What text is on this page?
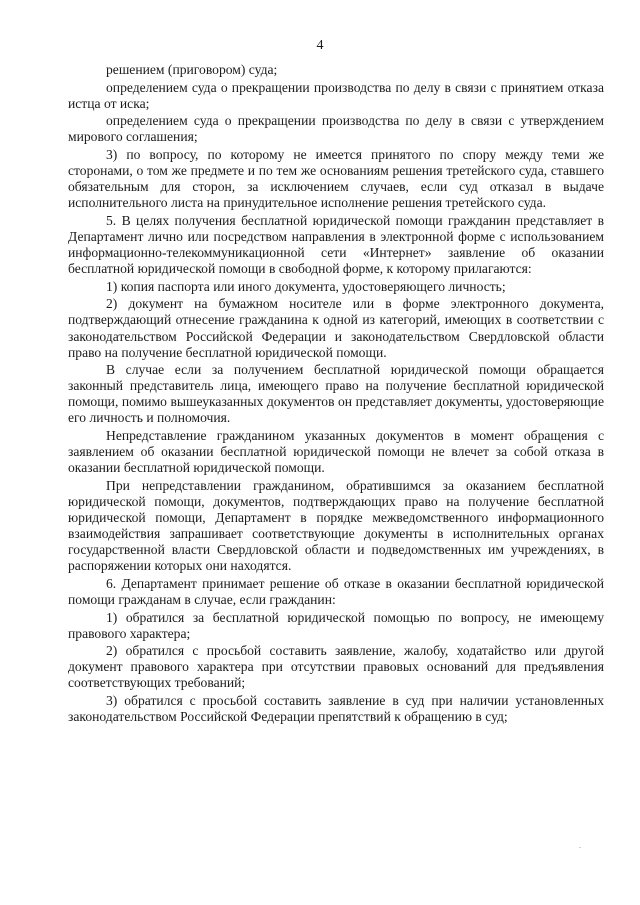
4

решением (приговором) суда;

определением суда о прекращении производства по делу в связи с принятием отказа истца от иска;

определением суда о прекращении производства по делу в связи с утверждением мирового соглашения;

3) по вопросу, по которому не имеется принятого по спору между теми же сторонами, о том же предмете и по тем же основаниям решения третейского суда, ставшего обязательным для сторон, за исключением случаев, если суд отказал в выдаче исполнительного листа на принудительное исполнение решения третейского суда.

5. В целях получения бесплатной юридической помощи гражданин представляет в Департамент лично или посредством направления в электронной форме с использованием информационно-телекоммуникационной сети «Интернет» заявление об оказании бесплатной юридической помощи в свободной форме, к которому прилагаются:

1) копия паспорта или иного документа, удостоверяющего личность;

2) документ на бумажном носителе или в форме электронного документа, подтверждающий отнесение гражданина к одной из категорий, имеющих в соответствии с законодательством Российской Федерации и законодательством Свердловской области право на получение бесплатной юридической помощи.

В случае если за получением бесплатной юридической помощи обращается законный представитель лица, имеющего право на получение бесплатной юридической помощи, помимо вышеуказанных документов он представляет документы, удостоверяющие его личность и полномочия.

Непредставление гражданином указанных документов в момент обращения с заявлением об оказании бесплатной юридической помощи не влечет за собой отказа в оказании бесплатной юридической помощи.

При непредставлении гражданином, обратившимся за оказанием бесплатной юридической помощи, документов, подтверждающих право на получение бесплатной юридической помощи, Департамент в порядке межведомственного информационного взаимодействия запрашивает соответствующие документы в исполнительных органах государственной власти Свердловской области и подведомственных им учреждениях, в распоряжении которых они находятся.

6. Департамент принимает решение об отказе в оказании бесплатной юридической помощи гражданам в случае, если гражданин:

1) обратился за бесплатной юридической помощью по вопросу, не имеющему правового характера;

2) обратился с просьбой составить заявление, жалобу, ходатайство или другой документ правового характера при отсутствии правовых оснований для предъявления соответствующих требований;

3) обратился с просьбой составить заявление в суд при наличии установленных законодательством Российской Федерации препятствий к обращению в суд;
